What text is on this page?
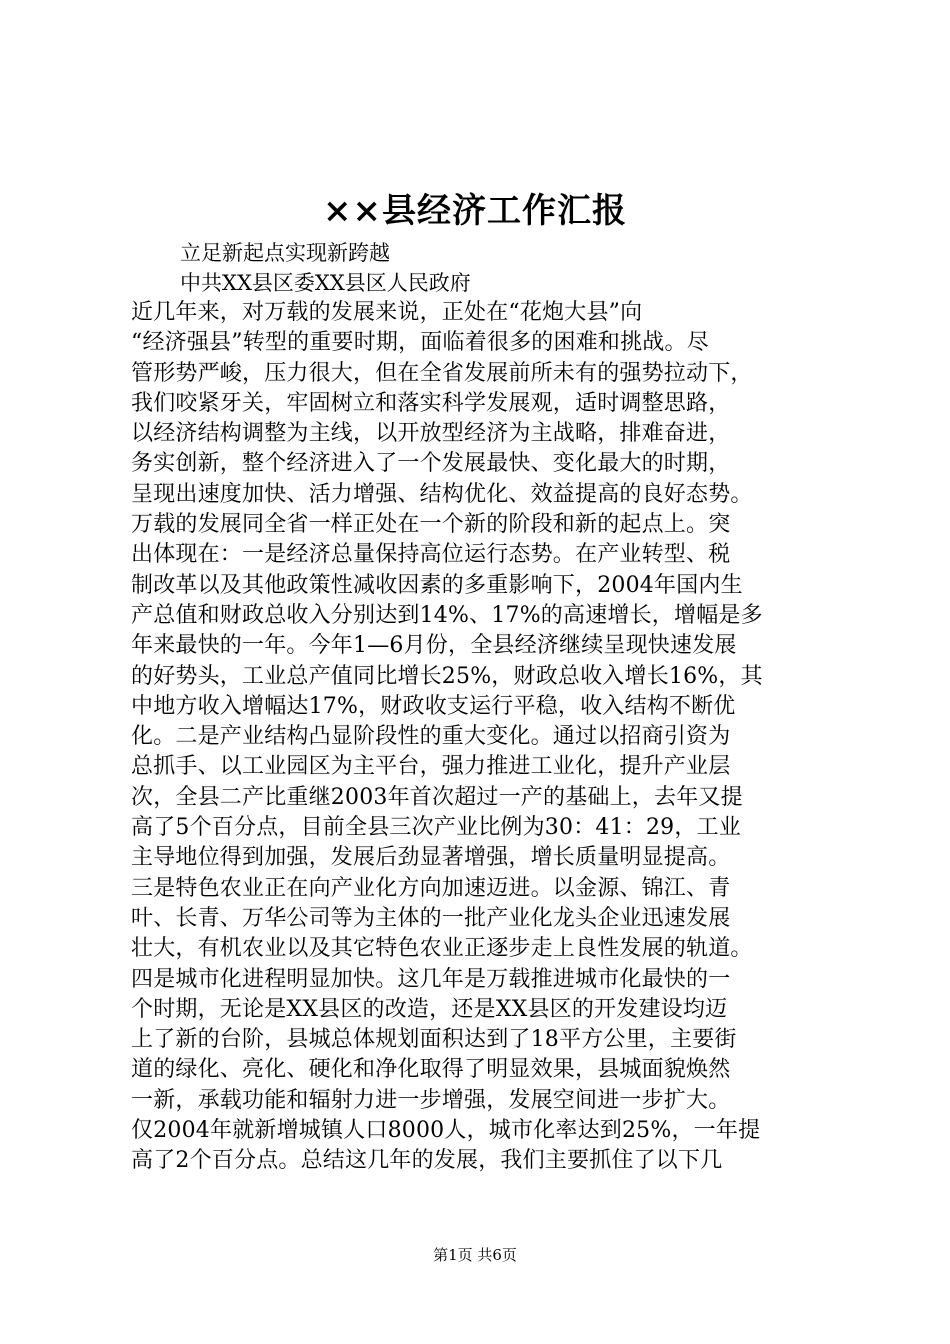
××县经济工作汇报

立足新起点实现新跨越

中共XX县区委XX县区人民政府

近几年来，对万载的发展来说，正处在“花炮大县”向
“经济强县”转型的重要时期，面临着很多的困难和挑战。尽
管形势严峻，压力很大，但在全省发展前所未有的强势拉动下，
我们咬紧牙关，牢固树立和落实科学发展观，适时调整思路，
以经济结构调整为主线，以开放型经济为主战略，排难奋进，
务实创新，整个经济进入了一个发展最快、变化最大的时期，
呈现出速度加快、活力增强、结构优化、效益提高的良好态势。
万载的发展同全省一样正处在一个新的阶段和新的起点上。突
出体现在：一是经济总量保持高位运行态势。在产业转型、税
制改革以及其他政策性减收因素的多重影响下，2004年国内生
产总值和财政总收入分别达到14%、17%的高速增长，增幅是多
年来最快的一年。今年1—6月份，全县经济继续呈现快速发展
的好势头，工业总产值同比增长25%，财政总收入增长16%，其
中地方收入增幅达17%，财政收支运行平稳，收入结构不断优
化。二是产业结构凸显阶段性的重大变化。通过以招商引资为
总抓手、以工业园区为主平台，强力推进工业化，提升产业层
次，全县二产比重继2003年首次超过一产的基础上，去年又提
高了5个百分点，目前全县三次产业比例为30：41：29，工业
主导地位得到加强，发展后劲显著增强，增长质量明显提高。
三是特色农业正在向产业化方向加速迈进。以金源、锦江、青
叶、长青、万华公司等为主体的一批产业化龙头企业迅速发展
壮大，有机农业以及其它特色农业正逐步走上良性发展的轨道。
四是城市化进程明显加快。这几年是万载推进城市化最快的一
个时期，无论是XX县区的改造，还是XX县区的开发建设均迈
上了新的台阶，县城总体规划面积达到了18平方公里，主要街
道的绿化、亮化、硬化和净化取得了明显效果，县城面貌焕然
一新，承载功能和辐射力进一步增强，发展空间进一步扩大。
仅2004年就新增城镇人口8000人，城市化率达到25%，一年提
高了2个百分点。总结这几年的发展，我们主要抓住了以下几

第1页 共6页
